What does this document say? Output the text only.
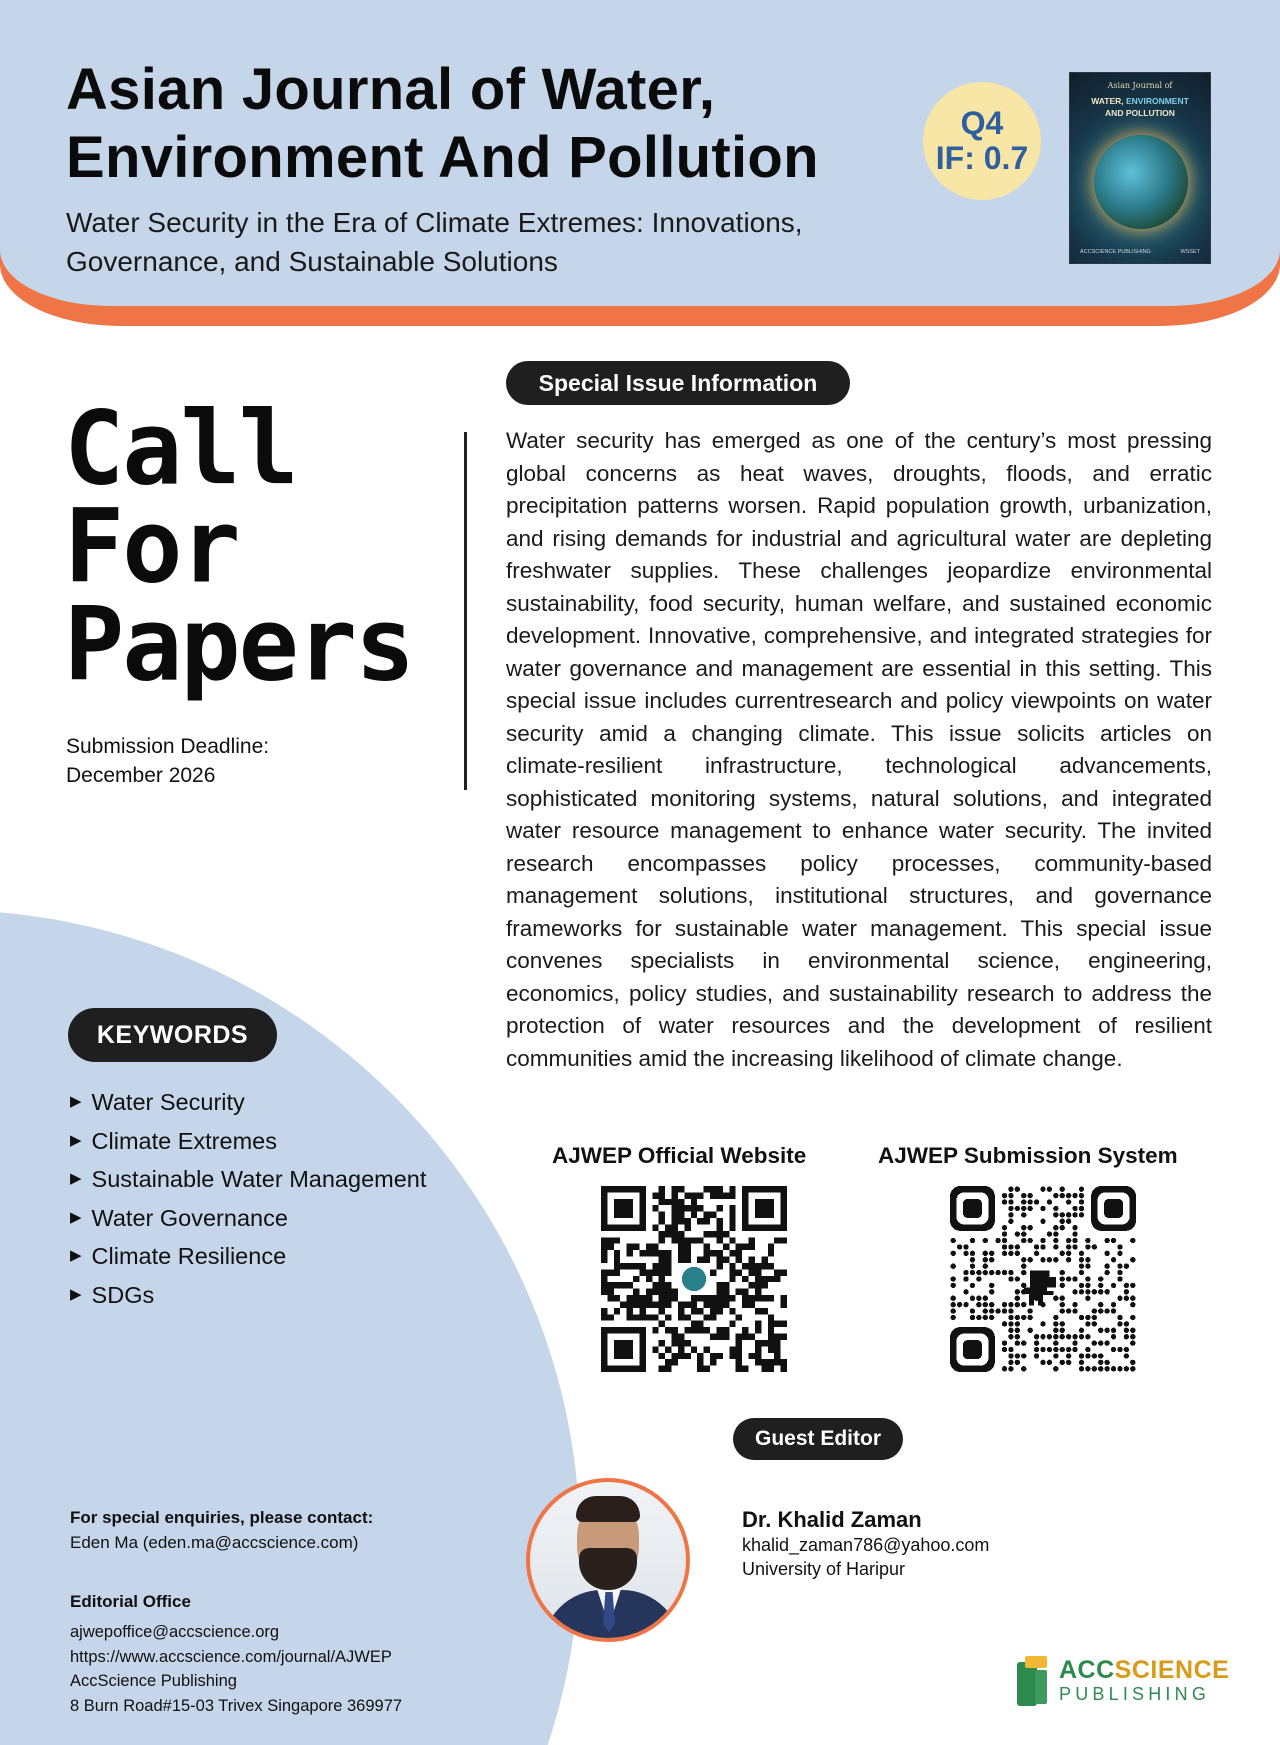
Asian Journal of Water,
Environment And Pollution
Water Security in the Era of Climate Extremes: Innovations,
Governance, and Sustainable Solutions
Q4
IF: 0.7
Asian Journal of
WATER, ENVIRONMENT
AND POLLUTION
ACCSCIENCE PUBLISHING	WSSET
Call
For
Papers
Submission Deadline:
December 2026
Special Issue Information
Water security has emerged as one of the century’s most pressing global concerns as heat waves, droughts, floods, and erratic precipitation patterns worsen. Rapid population growth, urbanization, and rising demands for industrial and agricultural water are depleting freshwater supplies. These challenges jeopardize environmental sustainability, food security, human welfare, and sustained economic development. Innovative, comprehensive, and integrated strategies for water governance and management are essential in this setting. This special issue includes currentresearch and policy viewpoints on water security amid a changing climate. This issue solicits articles on climate-resilient infrastructure, technological advancements, sophisticated monitoring systems, natural solutions, and integrated water resource management to enhance water security. The invited research encompasses policy processes, community-based management solutions, institutional structures, and governance frameworks for sustainable water management. This special issue convenes specialists in environmental science, engineering, economics, policy studies, and sustainability research to address the protection of water resources and the development of resilient communities amid the increasing likelihood of climate change.
KEYWORDS
▶ Water Security
▶ Climate Extremes
▶ Sustainable Water Management
▶ Water Governance
▶ Climate Resilience
▶ SDGs
AJWEP Official Website	AJWEP Submission System
Guest Editor
Dr. Khalid Zaman
khalid_zaman786@yahoo.com
University of Haripur
For special enquiries, please contact:
Eden Ma (eden.ma@accscience.com)
Editorial Office
ajwepoffice@accscience.org
https://www.accscience.com/journal/AJWEP
AccScience Publishing
8 Burn Road#15-03 Trivex Singapore 369977
ACCSCIENCE
PUBLISHING
